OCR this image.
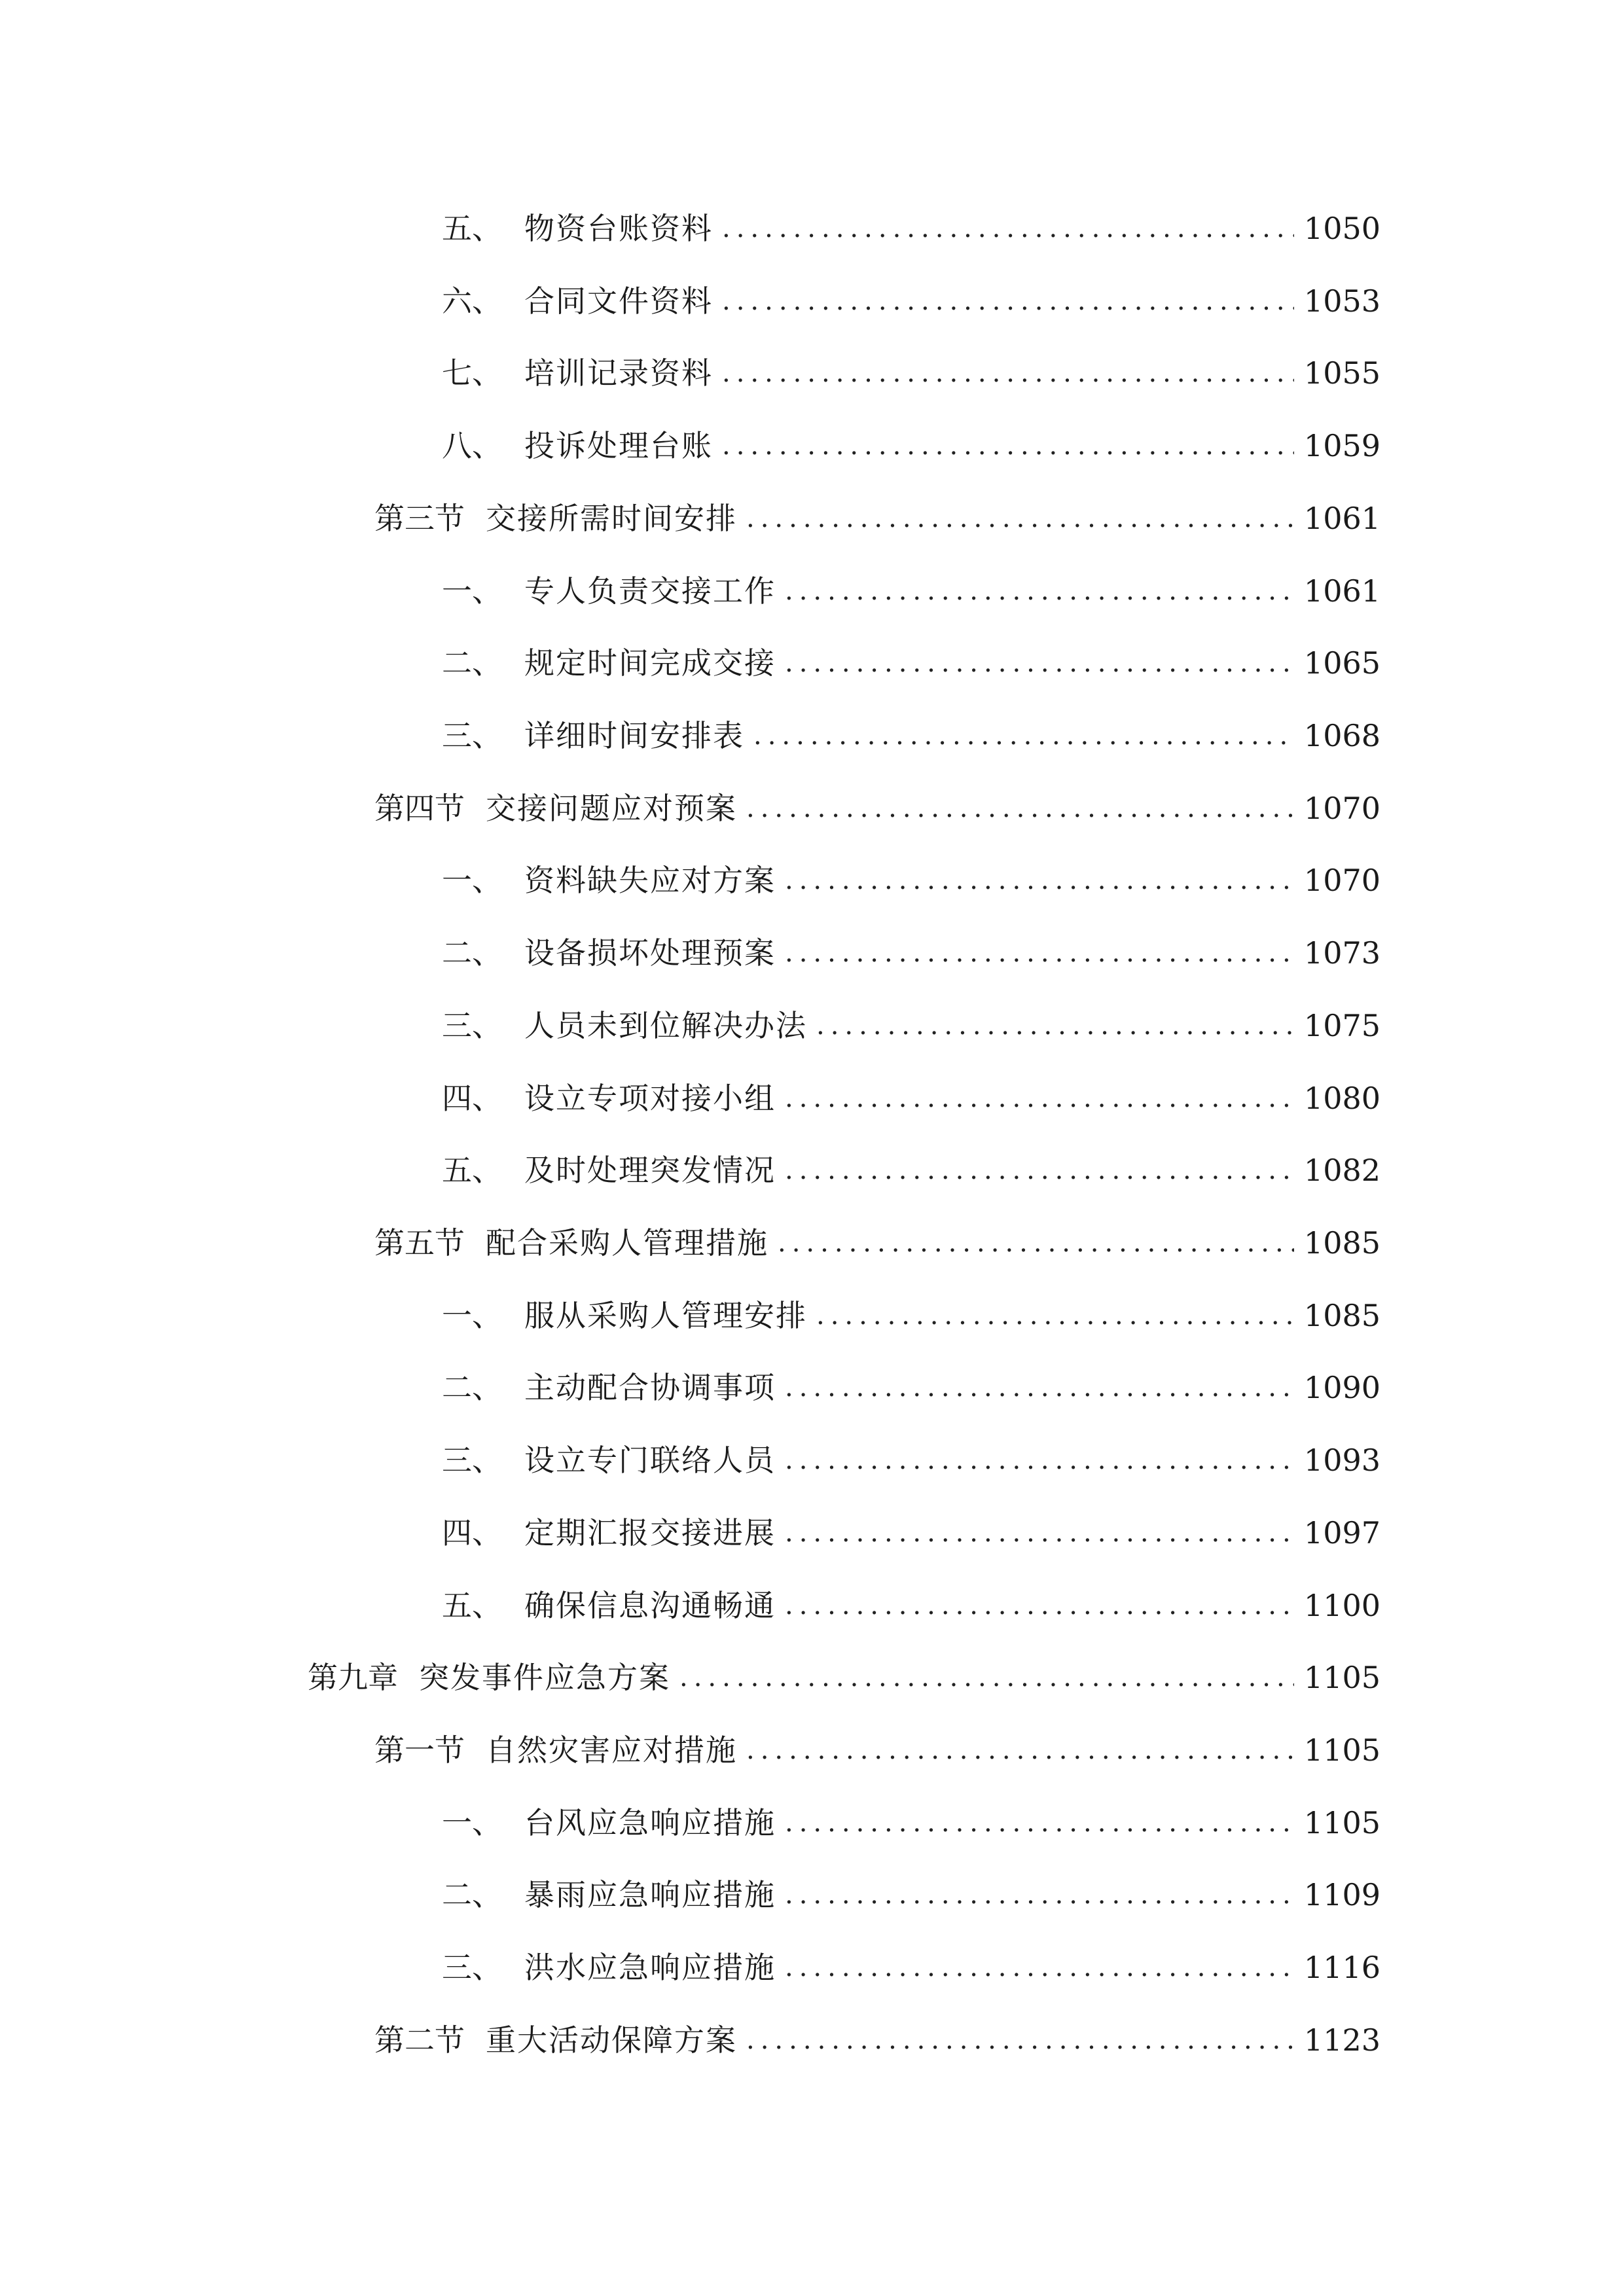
五、 物资台账资料 .....	1050
六、 合同文件资料 .....	1053
七、 培训记录资料 .....	1055
八、 投诉处理台账 .....	1059
第三节 交接所需时间安排 .....	1061
一、 专人负责交接工作 .....	1061
二、 规定时间完成交接 .....	1065
三、 详细时间安排表 .....	1068
第四节 交接问题应对预案 .....	1070
一、 资料缺失应对方案 .....	1070
二、 设备损坏处理预案 .....	1073
三、 人员未到位解决办法 .....	1075
四、 设立专项对接小组 .....	1080
五、 及时处理突发情况 .....	1082
第五节 配合采购人管理措施 .....	1085
一、 服从采购人管理安排 .....	1085
二、 主动配合协调事项 .....	1090
三、 设立专门联络人员 .....	1093
四、 定期汇报交接进展 .....	1097
五、 确保信息沟通畅通 .....	1100
第九章 突发事件应急方案 .....	1105
第一节 自然灾害应对措施 .....	1105
一、 台风应急响应措施 .....	1105
二、 暴雨应急响应措施 .....	1109
三、 洪水应急响应措施 .....	1116
第二节 重大活动保障方案 .....	1123
